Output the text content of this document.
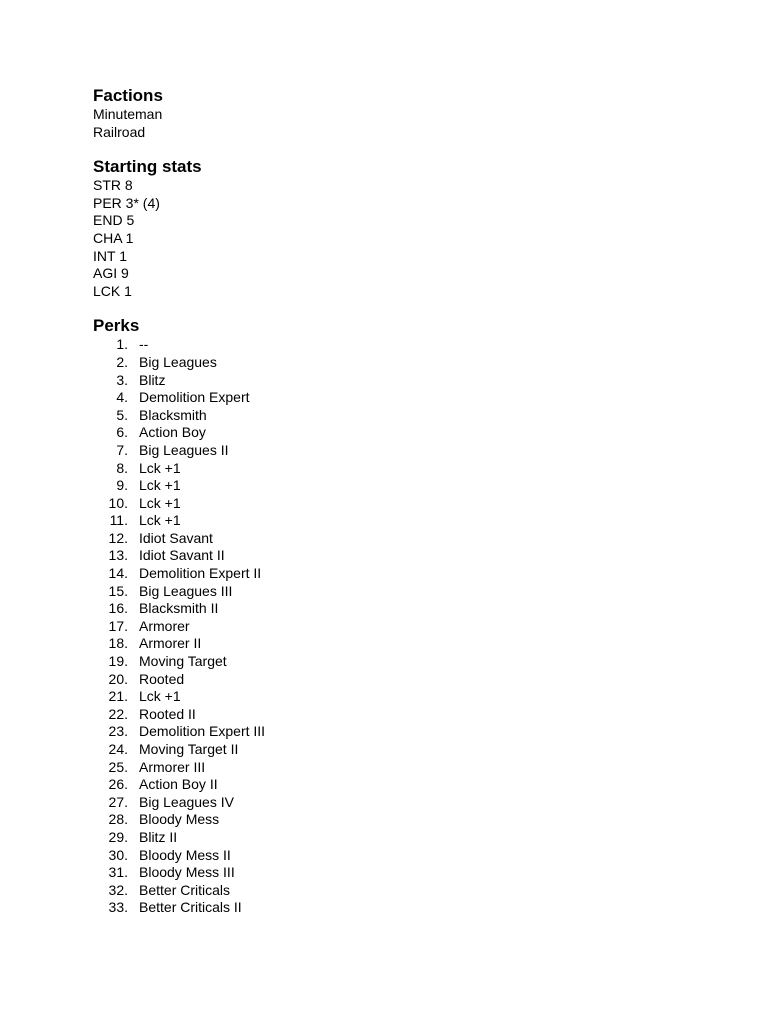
Factions
Minuteman
Railroad
Starting stats
STR 8
PER 3* (4)
END 5
CHA 1
INT 1
AGI 9
LCK 1
Perks
1. --
2. Big Leagues
3. Blitz
4. Demolition Expert
5. Blacksmith
6. Action Boy
7. Big Leagues II
8. Lck +1
9. Lck +1
10. Lck +1
11. Lck +1
12. Idiot Savant
13. Idiot Savant II
14. Demolition Expert II
15. Big Leagues III
16. Blacksmith II
17. Armorer
18. Armorer II
19. Moving Target
20. Rooted
21. Lck +1
22. Rooted II
23. Demolition Expert III
24. Moving Target II
25. Armorer III
26. Action Boy II
27. Big Leagues IV
28. Bloody Mess
29. Blitz II
30. Bloody Mess II
31. Bloody Mess III
32. Better Criticals
33. Better Criticals II
